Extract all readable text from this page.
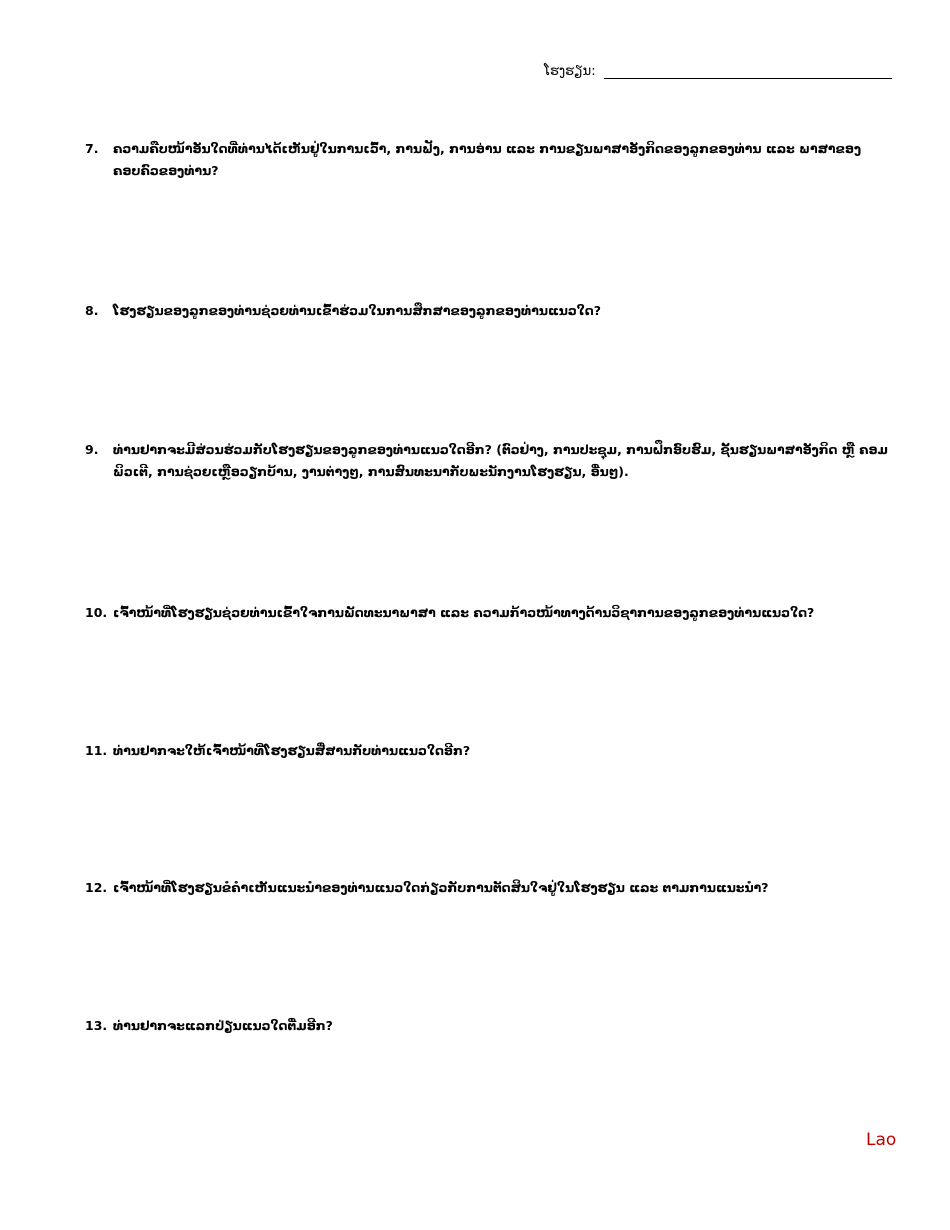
ໂຮງຮຽນ:
7.	ຄວາມຄືບໜ້າອັນໃດທີ່ທ່ານໄດ້ເຫັນຢູ່ໃນການເວົ້າ, ການຟັງ, ການອ່ານ ແລະ ການຂຽນພາສາອັງກິດຂອງລູກຂອງທ່ານ ແລະ ພາສາຂອງຄອບຄົວຂອງທ່ານ?
8.	ໂຮງຮຽນຂອງລູກຂອງທ່ານຊ່ວຍທ່ານເຂົ້າຮ່ວມໃນການສຶກສາຂອງລູກຂອງທ່ານແນວໃດ?
9.	ທ່ານຢາກຈະມີສ່ວນຮ່ວມກັບໂຮງຮຽນຂອງລູກຂອງທ່ານແນວໃດອີກ? (ຕົວຢ່າງ, ການປະຊຸມ, ການຝຶກອົບຮົມ, ຊັ້ນຮຽນພາສາອັງກິດ ຫຼື ຄອມພິວເຕີ, ການຊ່ວຍເຫຼືອວຽກບ້ານ, ງານຕ່າງໆ, ການສົນທະນາກັບພະນັກງານໂຮງຮຽນ, ອື່ນໆ).
10. ເຈົ້າໜ້າທີ່ໂຮງຮຽນຊ່ວຍທ່ານເຂົ້າໃຈການພັດທະນາພາສາ ແລະ ຄວາມກ້າວໜ້າທາງດ້ານວິຊາການຂອງລູກຂອງທ່ານແນວໃດ?
11. ທ່ານຢາກຈະໃຫ້ເຈົ້າໜ້າທີ່ໂຮງຮຽນສື່ສານກັບທ່ານແນວໃດອີກ?
12. ເຈົ້າໜ້າທີ່ໂຮງຮຽນຂໍຄຳເຫັນແນະນຳຂອງທ່ານແນວໃດກ່ຽວກັບການຕັດສິນໃຈຢູ່ໃນໂຮງຮຽນ ແລະ ຕາມການແນະນຳ?
13. ທ່ານຢາກຈະແລກປ່ຽນແນວໃດຕື່ມອີກ?
Lao
